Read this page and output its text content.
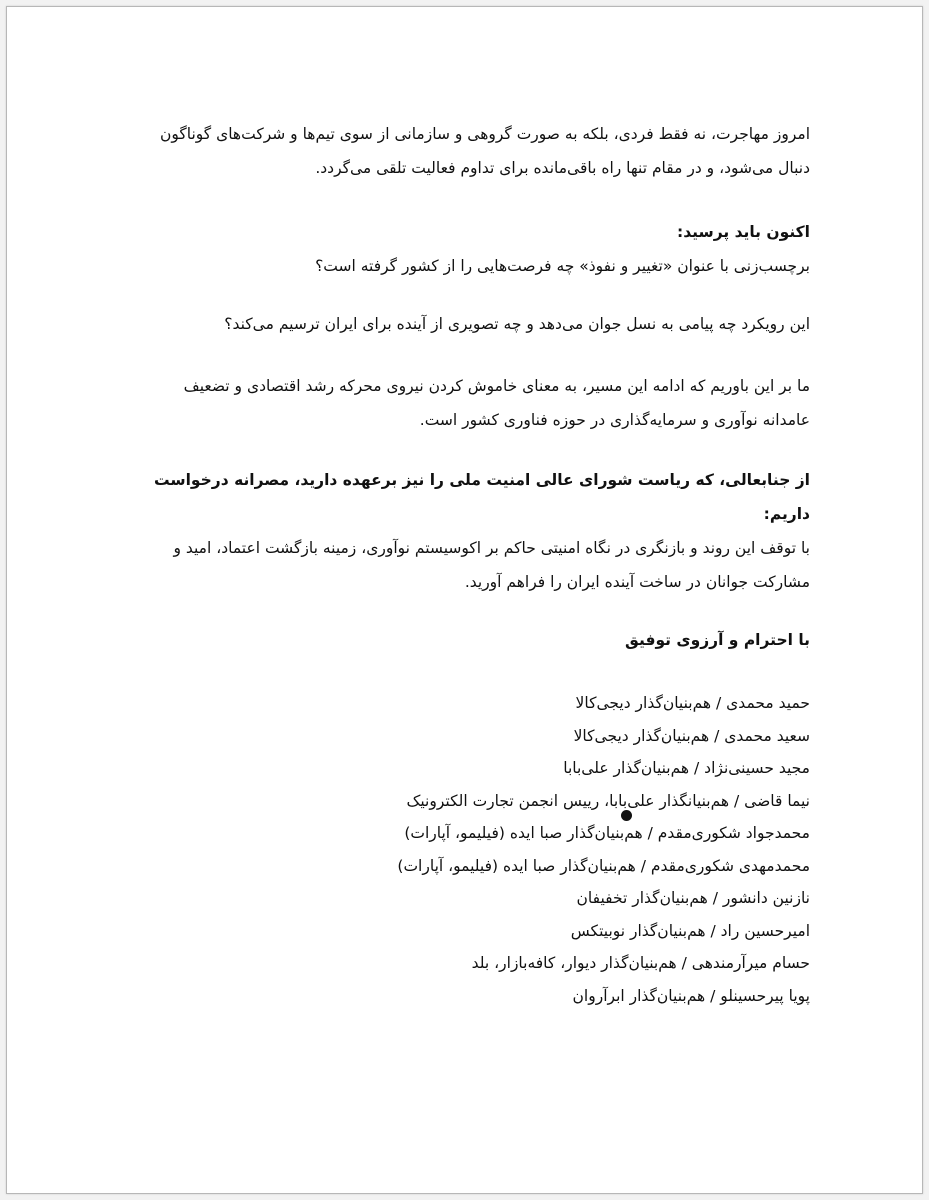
امروز مهاجرت، نه فقط فردی، بلکه به صورت گروهی و سازمانی از سوی تیم‌ها و شرکت‌های گوناگون
دنبال می‌شود، و در مقام تنها راه باقی‌مانده برای تداوم فعالیت تلقی می‌گردد.

اکنون باید پرسید:

برچسب‌زنی با عنوان «تغییر و نفوذ» چه فرصت‌هایی را از کشور گرفته است؟

این رویکرد چه پیامی به نسل جوان می‌دهد و چه تصویری از آینده برای ایران ترسیم می‌کند؟

ما بر این باوریم که ادامه این مسیر، به معنای خاموش کردن نیروی محرکه رشد اقتصادی و تضعیف
عامدانه نوآوری و سرمایه‌گذاری در حوزه فناوری کشور است.

از جنابعالی، که ریاست شورای عالی امنیت ملی را نیز برعهده دارید، مصرانه درخواست داریم:

با توقف این روند و بازنگری در نگاه امنیتی حاکم بر اکوسیستم نوآوری، زمینه بازگشت اعتماد، امید و
مشارکت جوانان در ساخت آینده ایران را فراهم آورید.

با احترام و آرزوی توفیق

حمید محمدی / هم‌بنیان‌گذار دیجی‌کالا
سعید محمدی / هم‌بنیان‌گذار دیجی‌کالا
مجید حسینی‌نژاد / هم‌بنیان‌گذار علی‌بابا
نیما قاضی / هم‌بنیانگذار علی‌بابا، رییس انجمن تجارت الکترونیک
محمدجواد شکوری‌مقدم / هم‌بنیان‌گذار صبا ایده (فیلیمو، آپارات)
محمدمهدی شکوری‌مقدم / هم‌بنیان‌گذار صبا ایده (فیلیمو، آپارات)
نازنین دانشور / هم‌بنیان‌گذار تخفیفان
امیرحسین راد / هم‌بنیان‌گذار نوبیتکس
حسام میرآرمندهی / هم‌بنیان‌گذار دیوار، کافه‌بازار، بلد
پویا پیرحسینلو / هم‌بنیان‌گذار ابرآروان
